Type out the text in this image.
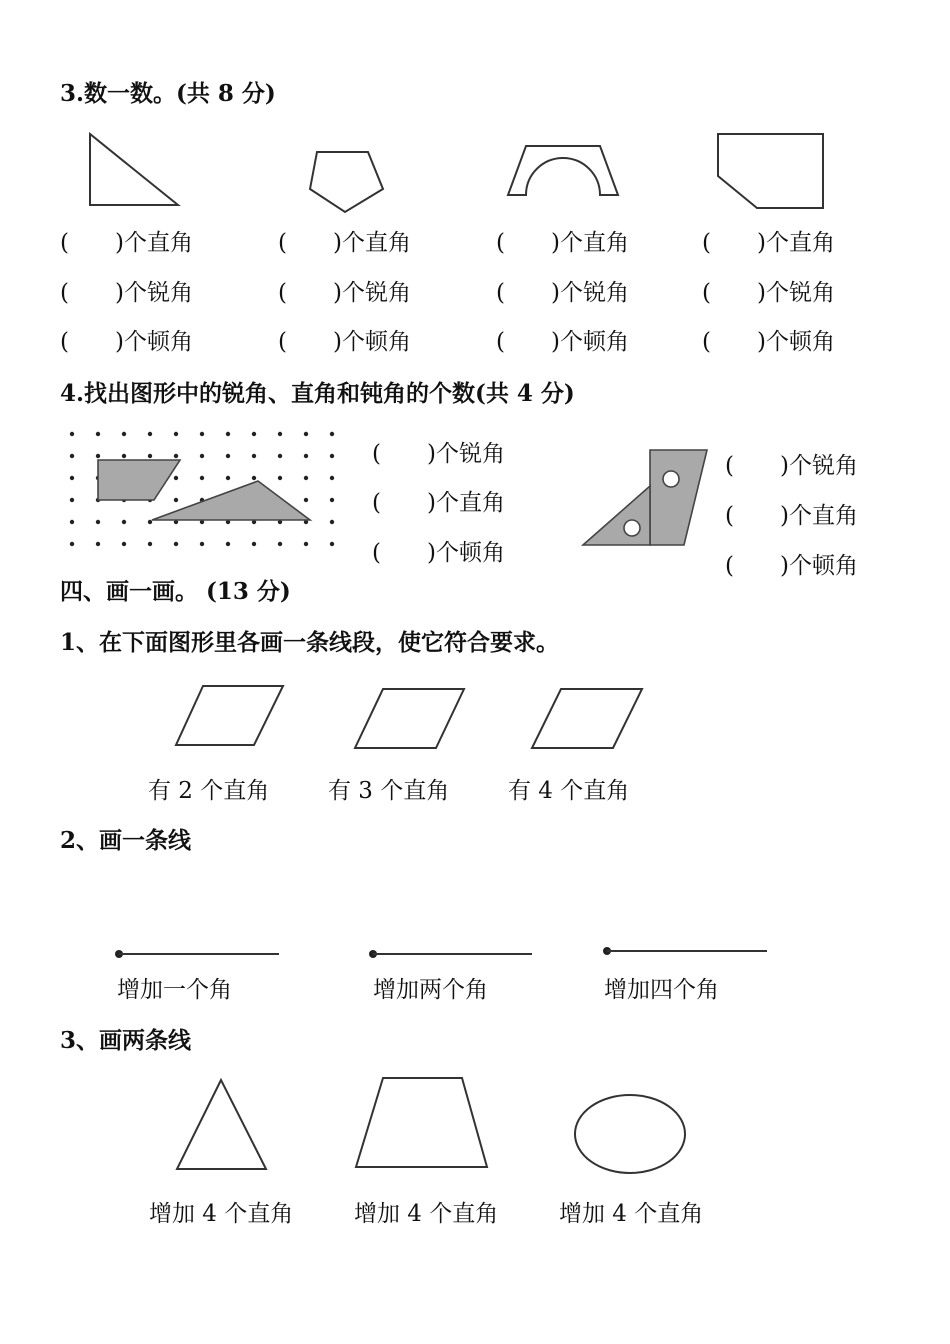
3.数一数。(共 8 分)
(　　)个直角	(　　)个直角	(　　)个直角	(　　)个直角
(　　)个锐角	(　　)个锐角	(　　)个锐角	(　　)个锐角
(　　)个顿角	(　　)个顿角	(　　)个顿角	(　　)个顿角
4.找出图形中的锐角、直角和钝角的个数(共 4 分)
(　　)个锐角
(　　)个直角
(　　)个顿角
(　　)个锐角
(　　)个直角
(　　)个顿角
四、画一画。 (13 分)
1、在下面图形里各画一条线段，使它符合要求。
有 2 个直角	有 3 个直角	有 4 个直角
2、画一条线
增加一个角	增加两个角	增加四个角
3、画两条线
增加 4 个直角	增加 4 个直角	增加 4 个直角
